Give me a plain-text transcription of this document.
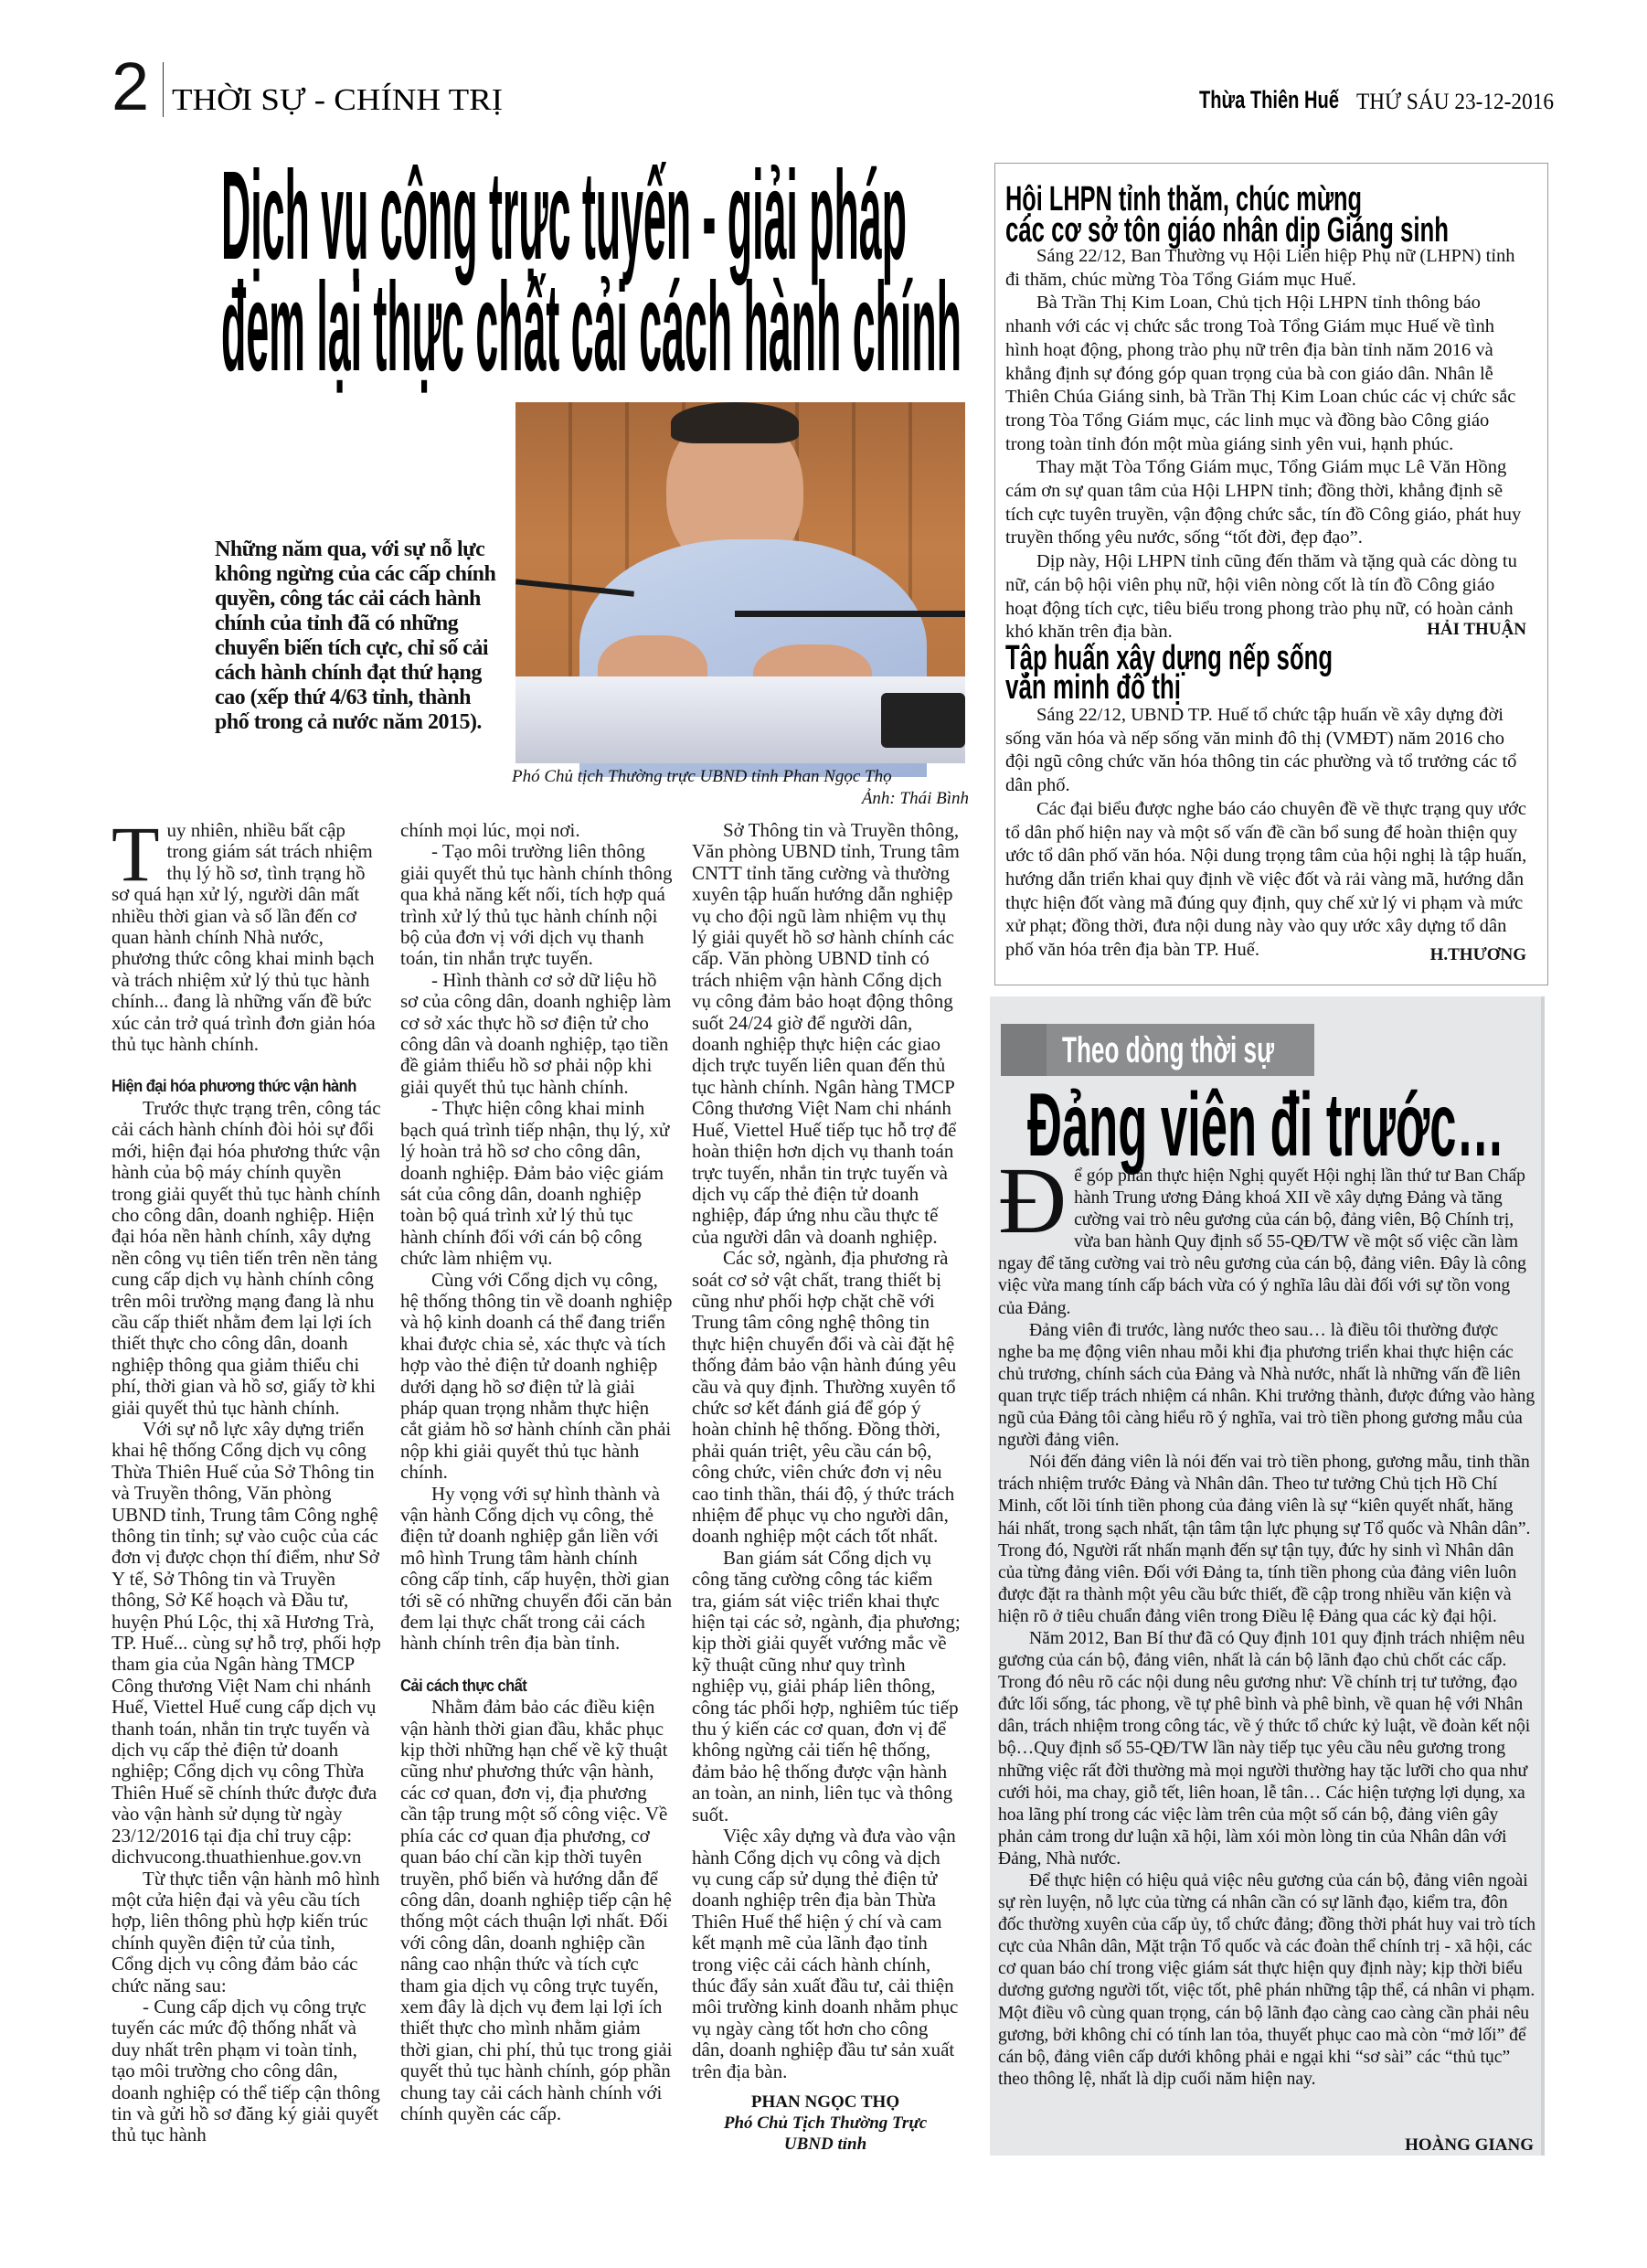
2 THỜI SỰ - CHÍNH TRỊ	Thừa Thiên Huế THỨ SÁU 23-12-2016
Dịch vụ công trực tuyến - giải pháp
đem lại thực chất cải cách hành chính
Những năm qua, với sự nỗ lực không ngừng của các cấp chính quyền, công tác cải cách hành chính của tỉnh đã có những chuyển biến tích cực, chỉ số cải cách hành chính đạt thứ hạng cao (xếp thứ 4/63 tỉnh, thành phố trong cả nước năm 2015).
Phó Chủ tịch Thường trực UBND tỉnh Phan Ngọc Thọ
Ảnh: Thái Bình

Tuy nhiên, nhiều bất cập trong giám sát trách nhiệm thụ lý hồ sơ, tình trạng hồ sơ quá hạn xử lý, người dân mất nhiều thời gian và số lần đến cơ quan hành chính Nhà nước, phương thức công khai minh bạch và trách nhiệm xử lý thủ tục hành chính... đang là những vấn đề bức xúc cản trở quá trình đơn giản hóa thủ tục hành chính.

Hiện đại hóa phương thức vận hành

Trước thực trạng trên, công tác cải cách hành chính đòi hỏi sự đổi mới, hiện đại hóa phương thức vận hành của bộ máy chính quyền trong giải quyết thủ tục hành chính cho công dân, doanh nghiệp. Hiện đại hóa nền hành chính, xây dựng nền công vụ tiên tiến trên nền tảng cung cấp dịch vụ hành chính công trên môi trường mạng đang là nhu cầu cấp thiết nhằm đem lại lợi ích thiết thực cho công dân, doanh nghiệp thông qua giảm thiểu chi phí, thời gian và hồ sơ, giấy tờ khi giải quyết thủ tục hành chính.

Với sự nỗ lực xây dựng triển khai hệ thống Cổng dịch vụ công Thừa Thiên Huế của Sở Thông tin và Truyền thông, Văn phòng UBND tỉnh, Trung tâm Công nghệ thông tin tỉnh; sự vào cuộc của các đơn vị được chọn thí điểm, như Sở Y tế, Sở Thông tin và Truyền thông, Sở Kế hoạch và Đầu tư, huyện Phú Lộc, thị xã Hương Trà, TP. Huế... cùng sự hỗ trợ, phối hợp tham gia của Ngân hàng TMCP Công thương Việt Nam chi nhánh Huế, Viettel Huế cung cấp dịch vụ thanh toán, nhắn tin trực tuyến và dịch vụ cấp thẻ điện tử doanh nghiệp; Cổng dịch vụ công Thừa Thiên Huế sẽ chính thức được đưa vào vận hành sử dụng từ ngày 23/12/2016 tại địa chỉ truy cập: dichvucong.thuathienhue.gov.vn

Từ thực tiễn vận hành mô hình một cửa hiện đại và yêu cầu tích hợp, liên thông phù hợp kiến trúc chính quyền điện tử của tỉnh, Cổng dịch vụ công đảm bảo các chức năng sau:

- Cung cấp dịch vụ công trực tuyến các mức độ thống nhất và duy nhất trên phạm vi toàn tỉnh, tạo môi trường cho công dân, doanh nghiệp có thể tiếp cận thông tin và gửi hồ sơ đăng ký giải quyết thủ tục hành

chính mọi lúc, mọi nơi.

- Tạo môi trường liên thông giải quyết thủ tục hành chính thông qua khả năng kết nối, tích hợp quá trình xử lý thủ tục hành chính nội bộ của đơn vị với dịch vụ thanh toán, tin nhắn trực tuyến.

- Hình thành cơ sở dữ liệu hồ sơ của công dân, doanh nghiệp làm cơ sở xác thực hồ sơ điện tử cho công dân và doanh nghiệp, tạo tiền đề giảm thiểu hồ sơ phải nộp khi giải quyết thủ tục hành chính.

- Thực hiện công khai minh bạch quá trình tiếp nhận, thụ lý, xử lý hoàn trả hồ sơ cho công dân, doanh nghiệp. Đảm bảo việc giám sát của công dân, doanh nghiệp toàn bộ quá trình xử lý thủ tục hành chính đối với cán bộ công chức làm nhiệm vụ.

Cùng với Cổng dịch vụ công, hệ thống thông tin về doanh nghiệp và hộ kinh doanh cá thể đang triển khai được chia sẻ, xác thực và tích hợp vào thẻ điện tử doanh nghiệp dưới dạng hồ sơ điện tử là giải pháp quan trọng nhằm thực hiện cắt giảm hồ sơ hành chính cần phải nộp khi giải quyết thủ tục hành chính.

Hy vọng với sự hình thành và vận hành Cổng dịch vụ công, thẻ điện tử doanh nghiệp gắn liền với mô hình Trung tâm hành chính công cấp tỉnh, cấp huyện, thời gian tới sẽ có những chuyển đổi căn bản đem lại thực chất trong cải cách hành chính trên địa bàn tỉnh.

Cải cách thực chất

Nhằm đảm bảo các điều kiện vận hành thời gian đầu, khắc phục kịp thời những hạn chế về kỹ thuật cũng như phương thức vận hành, các cơ quan, đơn vị, địa phương cần tập trung một số công việc. Về phía các cơ quan địa phương, cơ quan báo chí cần kịp thời tuyên truyền, phổ biến và hướng dẫn để công dân, doanh nghiệp tiếp cận hệ thống một cách thuận lợi nhất. Đối với công dân, doanh nghiệp cần nâng cao nhận thức và tích cực tham gia dịch vụ công trực tuyến, xem đây là dịch vụ đem lại lợi ích thiết thực cho mình nhằm giảm thời gian, chi phí, thủ tục trong giải quyết thủ tục hành chính, góp phần chung tay cải cách hành chính với chính quyền các cấp.

Sở Thông tin và Truyền thông, Văn phòng UBND tỉnh, Trung tâm CNTT tỉnh tăng cường và thường xuyên tập huấn hướng dẫn nghiệp vụ cho đội ngũ làm nhiệm vụ thụ lý giải quyết hồ sơ hành chính các cấp. Văn phòng UBND tỉnh có trách nhiệm vận hành Cổng dịch vụ công đảm bảo hoạt động thông suốt 24/24 giờ để người dân, doanh nghiệp thực hiện các giao dịch trực tuyến liên quan đến thủ tục hành chính. Ngân hàng TMCP Công thương Việt Nam chi nhánh Huế, Viettel Huế tiếp tục hỗ trợ để hoàn thiện hơn dịch vụ thanh toán trực tuyến, nhắn tin trực tuyến và dịch vụ cấp thẻ điện tử doanh nghiệp, đáp ứng nhu cầu thực tế của người dân và doanh nghiệp.

Các sở, ngành, địa phương rà soát cơ sở vật chất, trang thiết bị cũng như phối hợp chặt chẽ với Trung tâm công nghệ thông tin thực hiện chuyển đổi và cài đặt hệ thống đảm bảo vận hành đúng yêu cầu và quy định. Thường xuyên tổ chức sơ kết đánh giá để góp ý hoàn chỉnh hệ thống. Đồng thời, phải quán triệt, yêu cầu cán bộ, công chức, viên chức đơn vị nêu cao tinh thần, thái độ, ý thức trách nhiệm để phục vụ cho người dân, doanh nghiệp một cách tốt nhất.

Ban giám sát Cổng dịch vụ công tăng cường công tác kiểm tra, giám sát việc triển khai thực hiện tại các sở, ngành, địa phương; kịp thời giải quyết vướng mắc về kỹ thuật cũng như quy trình nghiệp vụ, giải pháp liên thông, công tác phối hợp, nghiêm túc tiếp thu ý kiến các cơ quan, đơn vị để không ngừng cải tiến hệ thống, đảm bảo hệ thống được vận hành an toàn, an ninh, liên tục và thông suốt.

Việc xây dựng và đưa vào vận hành Cổng dịch vụ công và dịch vụ cung cấp sử dụng thẻ điện tử doanh nghiệp trên địa bàn Thừa Thiên Huế thể hiện ý chí và cam kết mạnh mẽ của lãnh đạo tỉnh trong việc cải cách hành chính, thúc đẩy sản xuất đầu tư, cải thiện môi trường kinh doanh nhằm phục vụ ngày càng tốt hơn cho công dân, doanh nghiệp đầu tư sản xuất trên địa bàn.

PHAN NGỌC THỌ
Phó Chủ Tịch Thường Trực
UBND tỉnh
Hội LHPN tỉnh thăm, chúc mừng
các cơ sở tôn giáo nhân dịp Giáng sinh

Sáng 22/12, Ban Thường vụ Hội Liên hiệp Phụ nữ (LHPN) tỉnh đi thăm, chúc mừng Tòa Tổng Giám mục Huế.

Bà Trần Thị Kim Loan, Chủ tịch Hội LHPN tỉnh thông báo nhanh với các vị chức sắc trong Toà Tổng Giám mục Huế về tình hình hoạt động, phong trào phụ nữ trên địa bàn tỉnh năm 2016 và khẳng định sự đóng góp quan trọng của bà con giáo dân. Nhân lễ Thiên Chúa Giáng sinh, bà Trần Thị Kim Loan chúc các vị chức sắc trong Tòa Tổng Giám mục, các linh mục và đồng bào Công giáo trong toàn tỉnh đón một mùa giáng sinh yên vui, hạnh phúc.

Thay mặt Tòa Tổng Giám mục, Tổng Giám mục Lê Văn Hồng cám ơn sự quan tâm của Hội LHPN tỉnh; đồng thời, khẳng định sẽ tích cực tuyên truyền, vận động chức sắc, tín đồ Công giáo, phát huy truyền thống yêu nước, sống “tốt đời, đẹp đạo”.

Dịp này, Hội LHPN tỉnh cũng đến thăm và tặng quà các dòng tu nữ, cán bộ hội viên phụ nữ, hội viên nòng cốt là tín đồ Công giáo hoạt động tích cực, tiêu biểu trong phong trào phụ nữ, có hoàn cảnh khó khăn trên địa bàn.	HẢI THUẬN
Tập huấn xây dựng nếp sống
văn minh đô thị

Sáng 22/12, UBND TP. Huế tổ chức tập huấn về xây dựng đời sống văn hóa và nếp sống văn minh đô thị (VMĐT) năm 2016 cho đội ngũ công chức văn hóa thông tin các phường và tổ trưởng các tổ dân phố.

Các đại biểu được nghe báo cáo chuyên đề về thực trạng quy ước tổ dân phố hiện nay và một số vấn đề cần bổ sung để hoàn thiện quy ước tổ dân phố văn hóa. Nội dung trọng tâm của hội nghị là tập huấn, hướng dẫn triển khai quy định về việc đốt và rải vàng mã, hướng dẫn thực hiện đốt vàng mã đúng quy định, quy chế xử lý vi phạm và mức xử phạt; đồng thời, đưa nội dung này vào quy ước xây dựng tổ dân phố văn hóa trên địa bàn TP. Huế.	H.THƯƠNG
Theo dòng thời sự
Đảng viên đi trước…

Để góp phần thực hiện Nghị quyết Hội nghị lần thứ tư Ban Chấp hành Trung ương Đảng khoá XII về xây dựng Đảng và tăng cường vai trò nêu gương của cán bộ, đảng viên, Bộ Chính trị, vừa ban hành Quy định số 55-QĐ/TW về một số việc cần làm ngay để tăng cường vai trò nêu gương của cán bộ, đảng viên. Đây là công việc vừa mang tính cấp bách vừa có ý nghĩa lâu dài đối với sự tồn vong của Đảng.

Đảng viên đi trước, làng nước theo sau… là điều tôi thường được nghe ba mẹ động viên nhau mỗi khi địa phương triển khai thực hiện các chủ trương, chính sách của Đảng và Nhà nước, nhất là những vấn đề liên quan trực tiếp trách nhiệm cá nhân. Khi trưởng thành, được đứng vào hàng ngũ của Đảng tôi càng hiểu rõ ý nghĩa, vai trò tiền phong gương mẫu của người đảng viên.

Nói đến đảng viên là nói đến vai trò tiền phong, gương mẫu, tinh thần trách nhiệm trước Đảng và Nhân dân. Theo tư tưởng Chủ tịch Hồ Chí Minh, cốt lõi tính tiền phong của đảng viên là sự “kiên quyết nhất, hăng hái nhất, trong sạch nhất, tận tâm tận lực phụng sự Tổ quốc và Nhân dân”. Trong đó, Người rất nhấn mạnh đến sự tận tụy, đức hy sinh vì Nhân dân của từng đảng viên. Đối với Đảng ta, tính tiền phong của đảng viên luôn được đặt ra thành một yêu cầu bức thiết, đề cập trong nhiều văn kiện và hiện rõ ở tiêu chuẩn đảng viên trong Điều lệ Đảng qua các kỳ đại hội.

Năm 2012, Ban Bí thư đã có Quy định 101 quy định trách nhiệm nêu gương của cán bộ, đảng viên, nhất là cán bộ lãnh đạo chủ chốt các cấp. Trong đó nêu rõ các nội dung nêu gương như: Về chính trị tư tưởng, đạo đức lối sống, tác phong, về tự phê bình và phê bình, về quan hệ với Nhân dân, trách nhiệm trong công tác, về ý thức tổ chức kỷ luật, về đoàn kết nội bộ…Quy định số 55-QĐ/TW lần này tiếp tục yêu cầu nêu gương trong những việc rất đời thường mà mọi người thường hay tặc lưỡi cho qua như cưới hỏi, ma chay, giỗ tết, liên hoan, lễ tân… Các hiện tượng lợi dụng, xa hoa lãng phí trong các việc làm trên của một số cán bộ, đảng viên gây phản cảm trong dư luận xã hội, làm xói mòn lòng tin của Nhân dân với Đảng, Nhà nước.

Để thực hiện có hiệu quả việc nêu gương của cán bộ, đảng viên ngoài sự rèn luyện, nỗ lực của từng cá nhân cần có sự lãnh đạo, kiểm tra, đôn đốc thường xuyên của cấp ủy, tổ chức đảng; đồng thời phát huy vai trò tích cực của Nhân dân, Mặt trận Tổ quốc và các đoàn thể chính trị - xã hội, các cơ quan báo chí trong việc giám sát thực hiện quy định này; kịp thời biểu dương gương người tốt, việc tốt, phê phán những tập thể, cá nhân vi phạm. Một điều vô cùng quan trọng, cán bộ lãnh đạo càng cao càng cần phải nêu gương, bởi không chỉ có tính lan tỏa, thuyết phục cao mà còn “mở lối” để cán bộ, đảng viên cấp dưới không phải e ngại khi “sơ sài” các “thủ tục” theo thông lệ, nhất là dịp cuối năm hiện nay.

HOÀNG GIANG
